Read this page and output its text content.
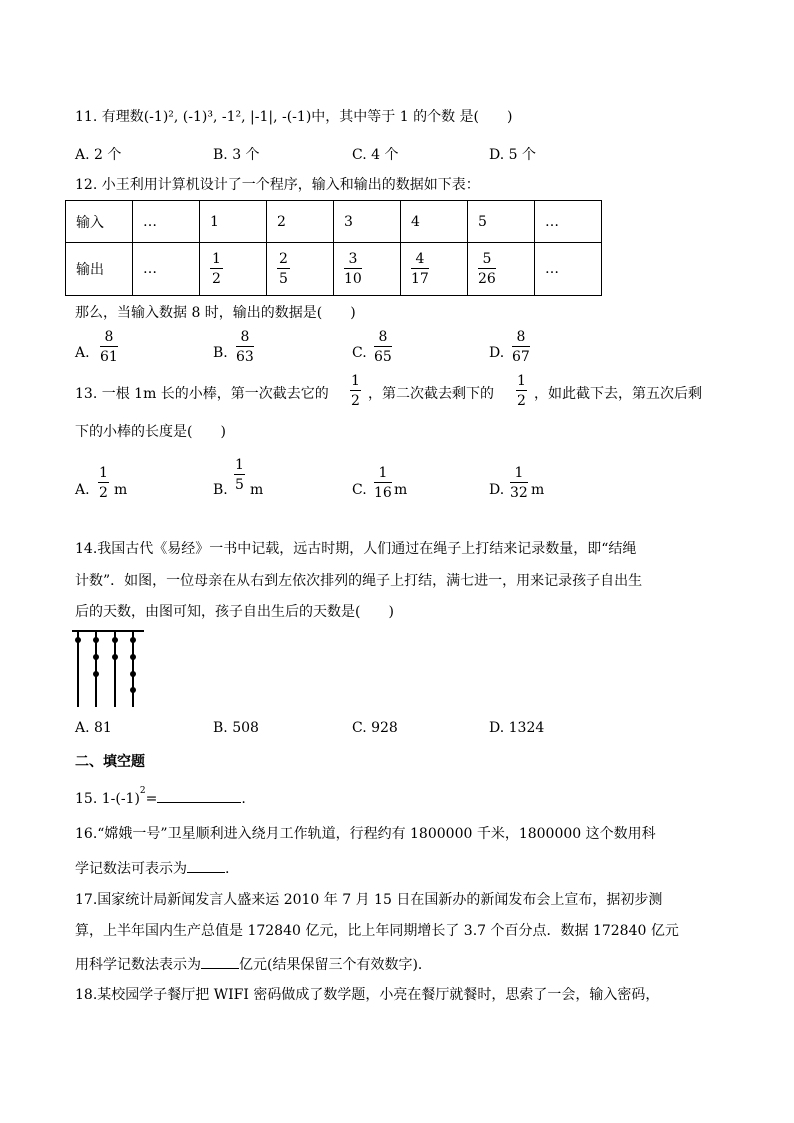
11. 有理数(-1)², (-1)³, -1², |-1|, -(-1)中，其中等于 1 的个数 是(　　)
A. 2 个	B. 3 个	C. 4 个	D. 5 个
12. 小王利用计算机设计了一个程序，输入和输出的数据如下表：
输入	…	1	2	3	4	5	…
输出	…	$\frac{1}{2}$	$\frac{2}{5}$	$\frac{3}{10}$	$\frac{4}{17}$	$\frac{5}{26}$	…
那么，当输入数据 8 时，输出的数据是(　　)
A. $\frac{8}{61}$	B. $\frac{8}{63}$	C. $\frac{8}{65}$	D. $\frac{8}{67}$
13. 一根 1m 长的小棒，第一次截去它的 $\frac{1}{2}$ ，第二次截去剩下的 $\frac{1}{2}$ ，如此截下去，第五次后剩
下的小棒的长度是(　　)
A. $\frac{1}{2}$ m	B. $\frac{1}{5}$ m	C. $\frac{1}{16}$ m	D. $\frac{1}{32}$ m
14.我国古代《易经》一书中记载，远古时期，人们通过在绳子上打结来记录数量，即“结绳
计数”．如图，一位母亲在从右到左依次排列的绳子上打结，满七进一，用来记录孩子自出生
后的天数，由图可知，孩子自出生后的天数是(　　)
A. 81	B. 508	C. 928	D. 1324
二、填空题
15. $1-(-1)^2=$	.
16.“嫦娥一号”卫星顺利进入绕月工作轨道，行程约有 1800000 千米，1800000 这个数用科
学记数法可表示为	.
17.国家统计局新闻发言人盛来运 2010 年 7 月 15 日在国新办的新闻发布会上宣布，据初步测
算，上半年国内生产总值是 172840 亿元，比上年同期增长了 3.7 个百分点．数据 172840 亿元
用科学记数法表示为	亿元(结果保留三个有效数字)．
18.某校园学子餐厅把 WIFI 密码做成了数学题，小亮在餐厅就餐时，思索了一会，输入密码，
